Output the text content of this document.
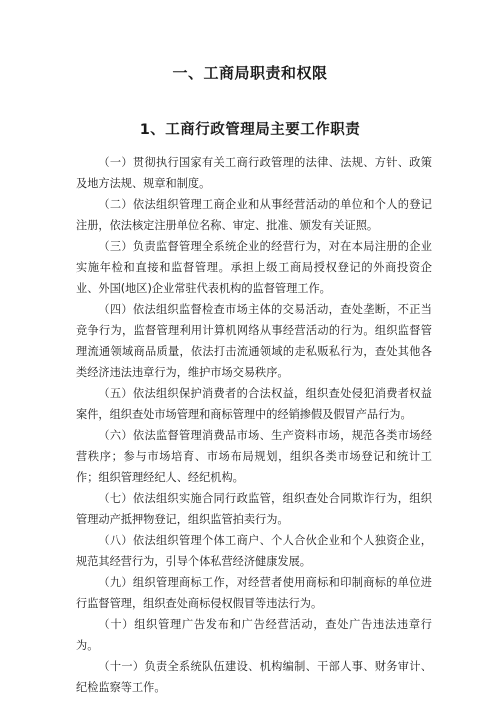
一、工商局职责和权限
1、工商行政管理局主要工作职责

（一）贯彻执行国家有关工商行政管理的法律、法规、方针、政策及地方法规、规章和制度。

（二）依法组织管理工商企业和从事经营活动的单位和个人的登记注册，依法核定注册单位名称、审定、批准、颁发有关证照。

（三）负责监督管理全系统企业的经营行为，对在本局注册的企业实施年检和直接和监督管理。承担上级工商局授权登记的外商投资企业、外国(地区)企业常驻代表机构的监督管理工作。

（四）依法组织监督检查市场主体的交易活动，查处垄断，不正当竞争行为，监督管理利用计算机网络从事经营活动的行为。组织监督管理流通领域商品质量，依法打击流通领域的走私贩私行为，查处其他各类经济违法违章行为，维护市场交易秩序。

（五）依法组织保护消费者的合法权益，组织查处侵犯消费者权益案件，组织查处市场管理和商标管理中的经销掺假及假冒产品行为。

（六）依法监督管理消费品市场、生产资料市场，规范各类市场经营秩序；参与市场培育、市场布局规划，组织各类市场登记和统计工作；组织管理经纪人、经纪机构。

（七）依法组织实施合同行政监管，组织查处合同欺诈行为，组织管理动产抵押物登记，组织监管拍卖行为。

（八）依法组织管理个体工商户、个人合伙企业和个人独资企业，规范其经营行为，引导个体私营经济健康发展。

（九）组织管理商标工作，对经营者使用商标和印制商标的单位进行监督管理，组织查处商标侵权假冒等违法行为。

（十）组织管理广告发布和广告经营活动，查处广告违法违章行为。

（十一）负责全系统队伍建设、机构编制、干部人事、财务审计、纪检监察等工作。
